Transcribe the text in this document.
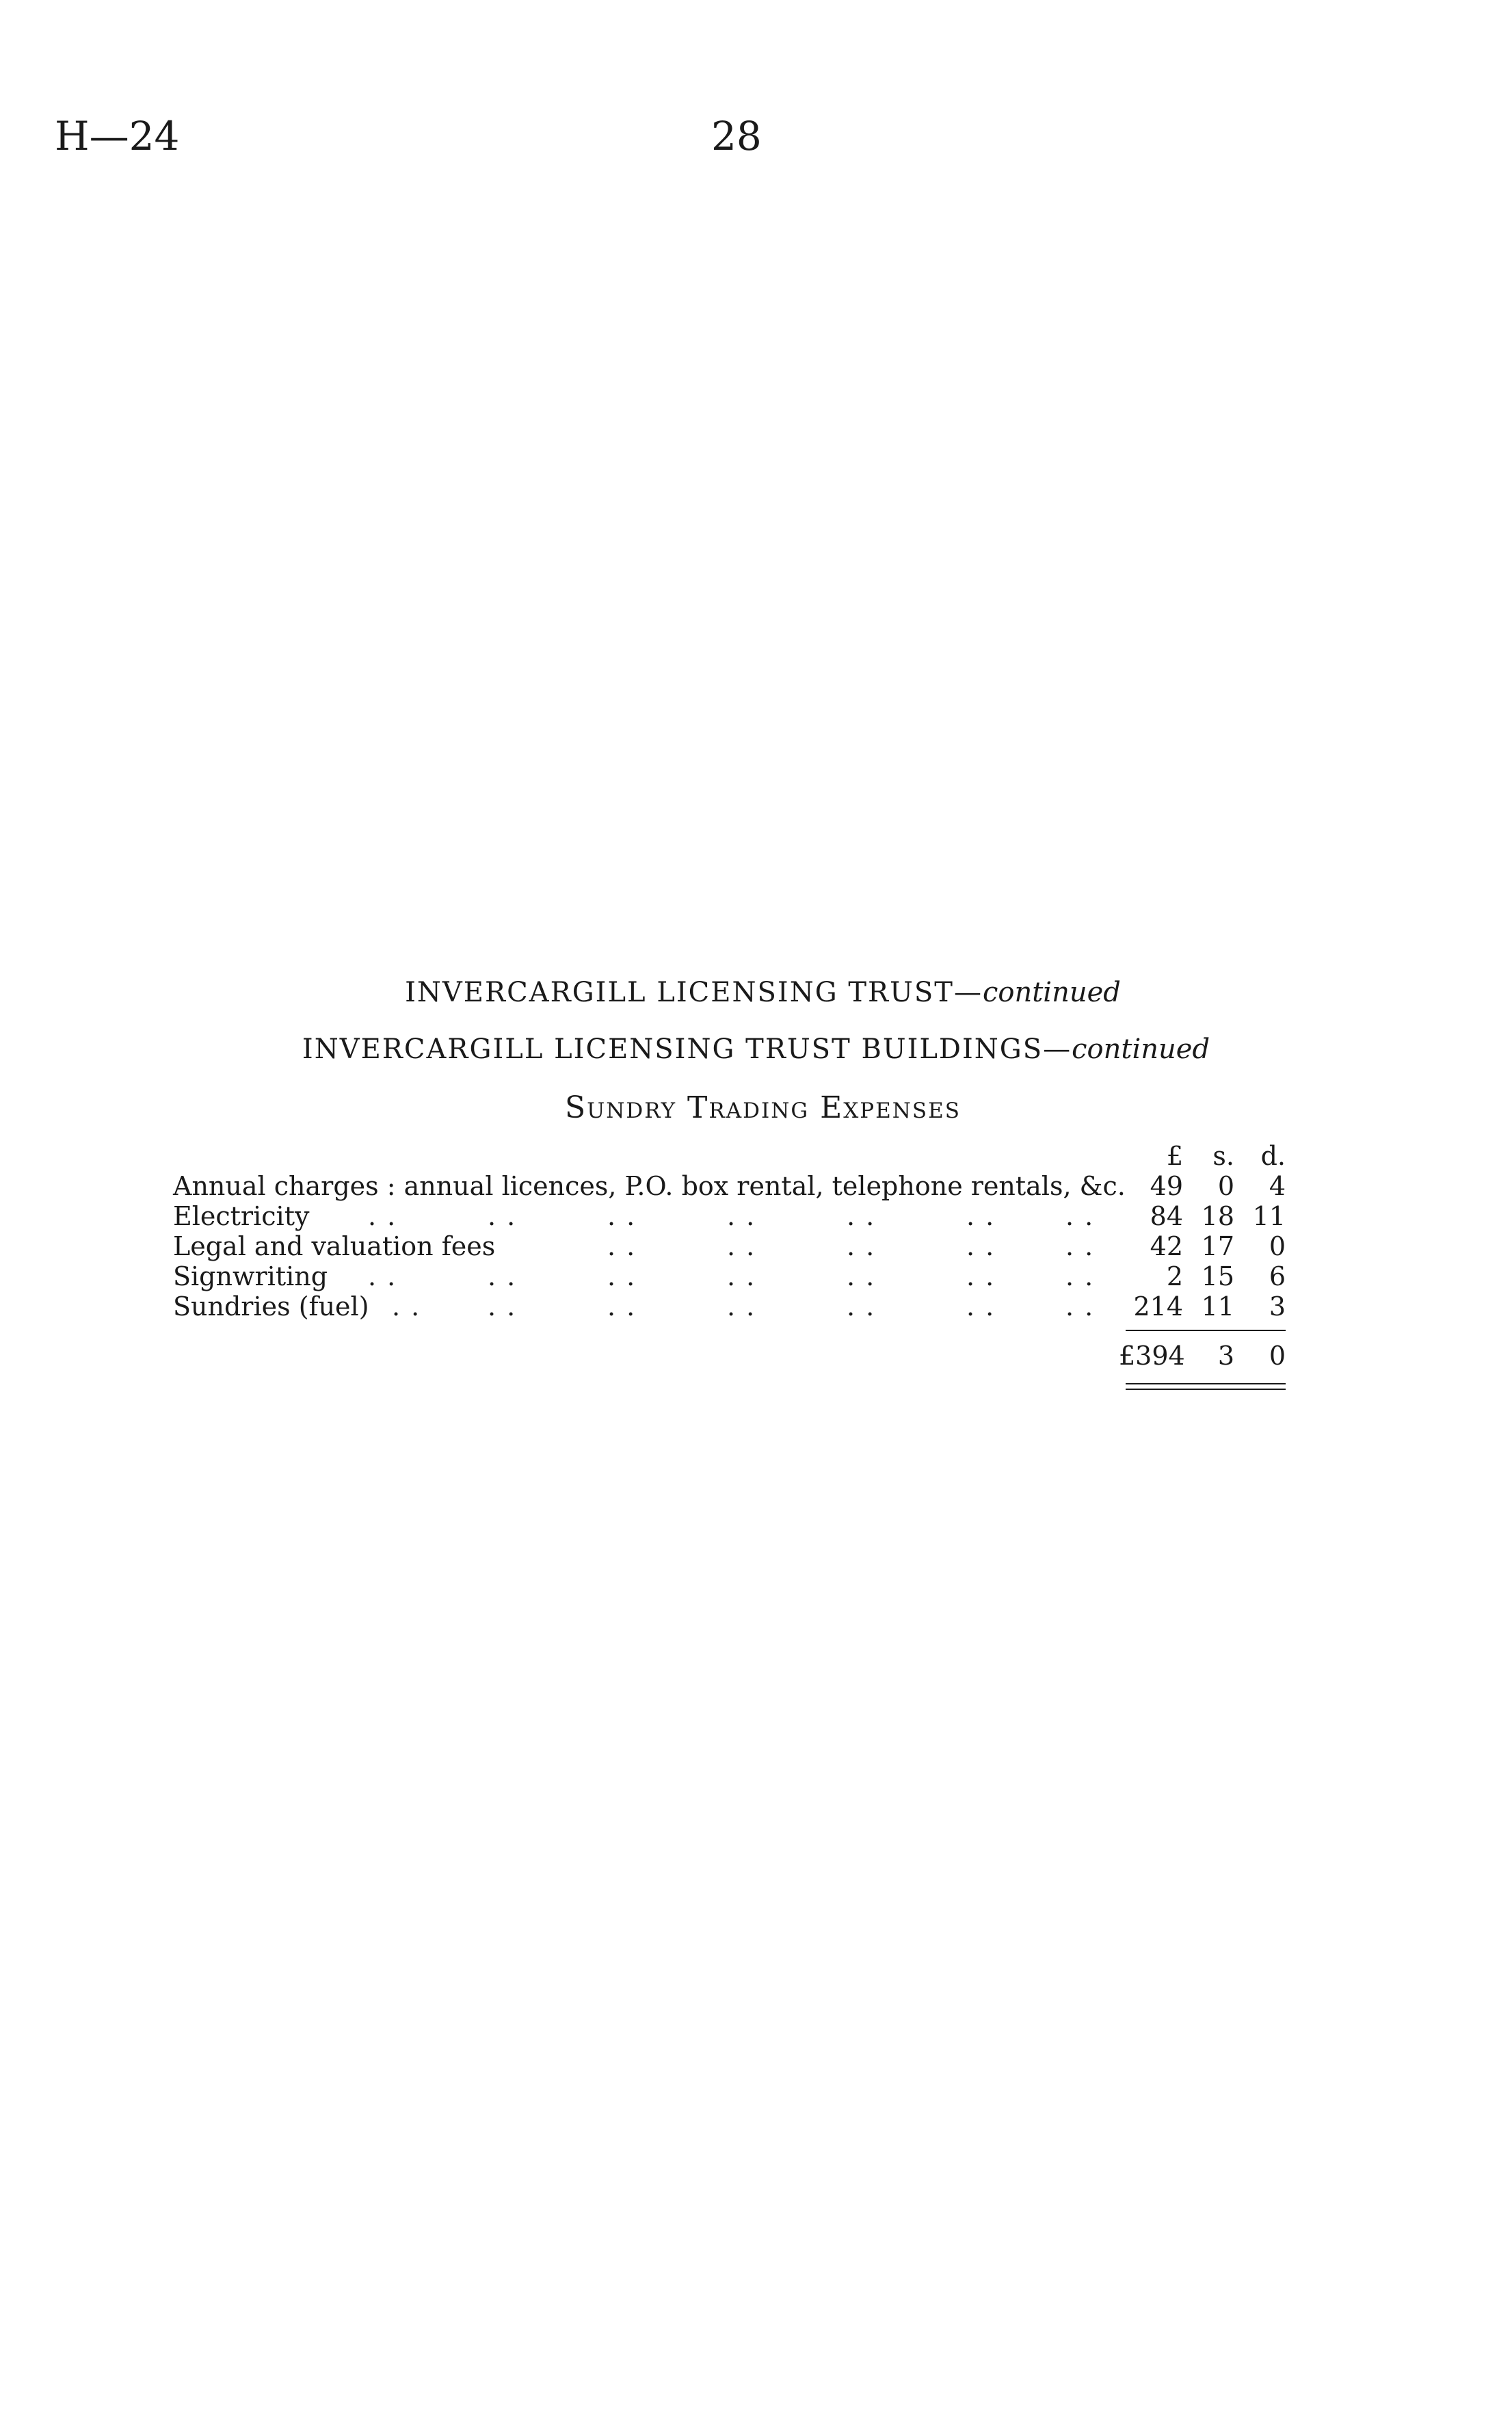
H—24	28
INVERCARGILL LICENSING TRUST—continued
INVERCARGILL LICENSING TRUST BUILDINGS—continued
Sundry Trading Expenses
£	s.	d.
Annual charges : annual licences, P.O. box rental, telephone rentals, &c. 49	0	4
Electricity . .	. .	. .	. .	. .	. .	. .	84 18 11
Legal and valuation fees	. .	. .	. .	. .	. .	42 17	0
Signwriting . .	. .	. .	. .	. .	. .	. .	2 15	6
Sundries (fuel) . .	. .	. .	. .	. .	. .	. .	214 11	3
£394	3	0
